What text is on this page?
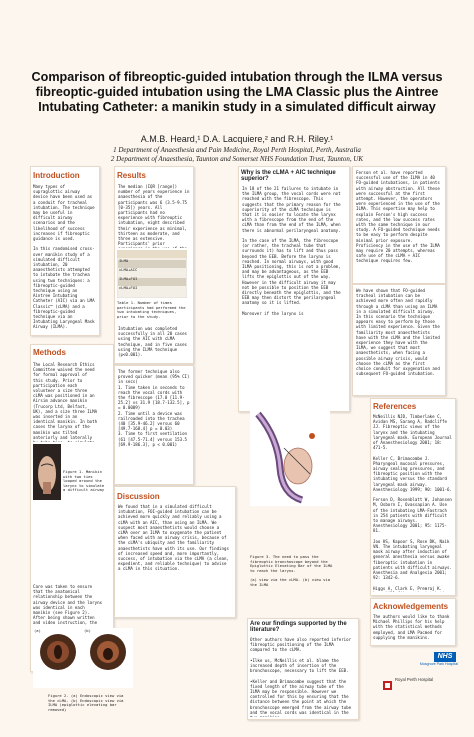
Comparison of fibreoptic-guided intubation through the ILMA versus fibreoptic-guided intubation using the LMA Classic plus the Aintree Intubating Catheter: a manikin study in a simulated difficult airway
A.M.B. Heard,¹ D.A. Lacquiere,² and R.H. Riley.¹
1 Department of Anaesthesia and Pain Medicine, Royal Perth Hospital, Perth, Australia
2 Department of Anaesthesia, Taunton and Somerset NHS Foundation Trust, Taunton, UK
Introduction
Many types of supraglottic airway device have been used as a conduit for tracheal intubation. The technique may be useful in difficult airway scenarios and the likelihood of success increases if fibreoptic guidance is used.

In this randomised cross-over manikin study of a simulated difficult intubation, 20 anaesthetists attempted to intubate the trachea using two techniques: a fibreoptic-guided technique using an Aintree Intubating Catheter (AIC) via an LMA Classic™ (cLMA) and a fibreoptic-guided technique via an Intubating Laryngeal Mask Airway (ILMA).

Methods
The Local Research Ethics Committee waived the need for formal approval of this study. Prior to participation each volunteer a size three cLMA was positioned in an Airsim advance manikin (Trucorp Ltd, Belfast, UK), and a size three ILMA was inserted in an identical manikin. In both cases the larynx of the manikin was tilted anteriorly and laterally
Figure 1. Manikin with two ties looped around the larynx to simulate a difficult airway
Care was taken to ensure that the anatomical relationship between the airway device and the larynx was identical in each manikin (see Figure 2). After being shown written and video instruction, the
(a)	(b)
Figure 2. (a) Endoscopic view via the cLMA. (b) Endoscopic view via ILMA (epiglottic elevating bar removed)
Results
The median (IQR [range]) number of years experience in anaesthesia of the participants was 6 (3.5-9.75 [0-35]) years. All participants had no experience with fibreoptic intubation, eight described their experience as minimal, thirteen as moderate, and three as extensive. Participants' prior
ILMA
cLMA+AIC
ILMA+FOI
cLMA+FOI
Table 1. Number of times participants had performed the two intubating techniques, prior to the study.
Intubation was completed successfully in all 20 cases using the AIC with cLMA technique, and in five cases using the ILMA technique (p<0.001).
The former technique also proved quicker (mean (95% CI) in secs)
1. Time taken in seconds to reach the vocal cords with the fibrescope (17.0 [11.9-25.2] vs 31.9 [18.7-132.5], p = 0.0009)
2. Time until a device was railroaded into the trachea (40 [35.9-46.2] versus 60 [49.7-168.4] p = 0.03)
3. Time to first ventilation (61 [47.5-71.4] versus 153.5 [69.9-186.3], p < 0.001)
Discussion
We found that in a simulated difficult intubation, FOI-guided intubation can be achieved more quickly and reliably using a cLMA with an AIC, than using an ILMA. We suspect most anaesthetists would choose a cLMA over an ILMA to oxygenate the patient when faced with an airway crisis, because of the cLMA's ubiquity and the familiarity anaesthetists have with its use. Our findings of increased speed and, more importantly, success, of intubation via the cLMA (a clean, expedient, and reliable technique) to advise a cLMA in this situation.
Why is the cLMA + AIC technique superior?
In 18 of the 21 failures to intubate in the ILMA group, the vocal cords were not reached with the fibrescope. This suggests that the primary reason for the superiority of the cLMA technique is that it is easier to locate the larynx with a fibrescope from the end of the cLMA than from the end of the ILMA, when there is abnormal perilaryngeal anatomy.

In the case of the ILMA, the fibrescope (or rather, the tracheal tube that surrounds it) has to lift and thus pass beyond the EEB. Before the larynx is reached. In normal airways, with good ILMA positioning, this is not a problem, and may be advantageous, as the EEB lifts the epiglottis out of the way. However in the difficult airway it may not be possible to position the EEB directly beneath the epiglottis, and the EEB may then distort the perilaryngeal anatomy so it is lifted.

Moreover if the larynx is
Figure 3. The need to pass the fibreoptic bronchoscope beyond the Epiglottic Elevating Bar of the ILMA to reach the larynx.

(a) view via the cLMA. (b) view via the ILMA
Are our findings supported by the literature?
Other authors have also reported inferior fibreoptic positioning of the ILMA compared to the cLMA.

•Ilke us, McNeillis et al. blame the increased depth of insertion of the bronchoscope, necessary to lift the EEB.

•Keller and Brimacombe suggest that the fixed length of the airway tube of the ILMA may be responsible. However we controlled for this by ensuring that the distance between the point at which the bronchoscope emerged from the airway tube and the vocal cords was identical in the
Ferson et al. have reported successful use of the ILMA in 40 FO-guided intubations, in patients with airway obstruction. All these were successful at the first attempt. However, the operators were experienced in the use of the ILMA. This expertise may help to explain Ferson's high success rates, and the low success rates with the same technique in our study. A FO-guided technique needs to be easy to perform despite minimal prior exposure. Proficiency in the use of the ILMA may require 20 attempts, whereas safe use of the cLMA + AIC technique requires few.
We have shown that FO-guided tracheal intubation can be achieved more often and rapidly through a cLMA than using an ILMA in a simulated difficult airway. In this scenario the technique appears easy to perform by those with limited experience. Given the familiarity most anaesthetists have with the cLMA and the limited experience they have with the ILMA, we suggest that most anaesthetists, when facing a possible airway crisis, would choose the cLMA as the first choice conduit for oxygenation and subsequent FO-guided intubation.
References
McNeillis NJD, Timberlake C, Avidan MS, Sarang A, Radcliffe JJ. Fibreoptic views of the larynx and the intubating laryngeal mask. European Journal of Anaesthesiology 2001; 18: 471-5.

Keller C, Brimacombe J. Pharyngeal mucosal pressures, airway sealing pressures, and fibreoptic position with the intubating versus the standard laryngeal mask airway. Anesthesiology 1999; 90: 1001-6.

Ferson D, Rosenblatt W, Johansen M, Osborn I, Ovassapian A. Use of the intubating LMA-Fastrach in 254 patients with difficult to manage airways. Anesthesiology 2001; 95: 1175-81.

Joo HS, Kapoor S, Rose DK, Naik VN. The intubating laryngeal mask airway after induction of general anesthesia versus awake fiberoptic intubation in patients with difficult airways. Anesthesia and Analgesia 2001; 92: 1342-6.

Higgs A, Clark E, Premraj K.
Acknowledgements
The authors would like to thank Michael Phillips for his help with the statistical methods employed, and LMA Pacmed for supplying the manikins.
NHS
Musgrove Park Hospital
Royal Perth Hospital
